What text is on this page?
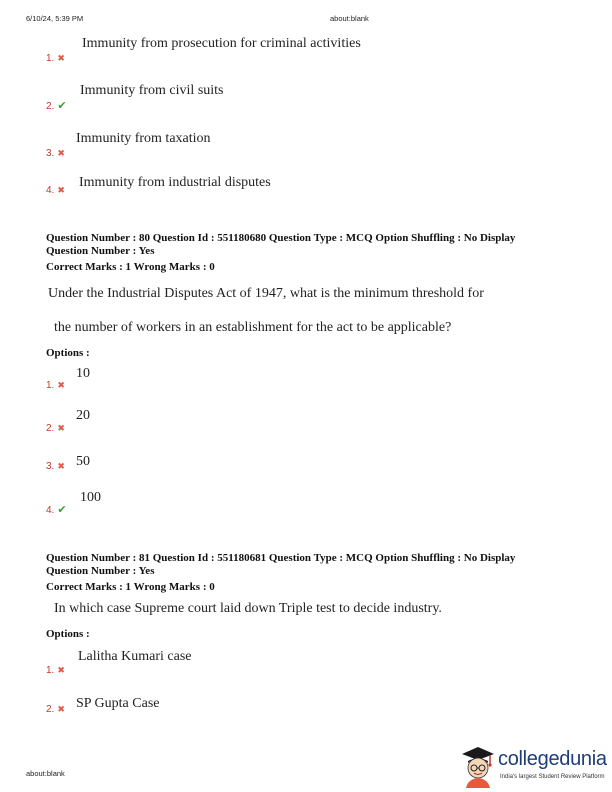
6/10/24, 5:39 PM	about:blank
1. ✖
Immunity from prosecution for criminal activities
2. ✔
Immunity from civil suits
3. ✖
Immunity from taxation
4. ✖
Immunity from industrial disputes
Question Number : 80 Question Id : 551180680 Question Type : MCQ Option Shuffling : No Display
Question Number : Yes
Correct Marks : 1 Wrong Marks : 0
Under the Industrial Disputes Act of 1947, what is the minimum threshold for
the number of workers in an establishment for the act to be applicable?
Options :
1. ✖
10
2. ✖
20
3. ✖ 50
4. ✔
100
Question Number : 81 Question Id : 551180681 Question Type : MCQ Option Shuffling : No Display
Question Number : Yes
Correct Marks : 1 Wrong Marks : 0
In which case Supreme court laid down Triple test to decide industry.
Options :
1. ✖
Lalitha Kumari case
2. ✖ SP Gupta Case
about:blank
collegedunia
India's largest Student Review Platform
